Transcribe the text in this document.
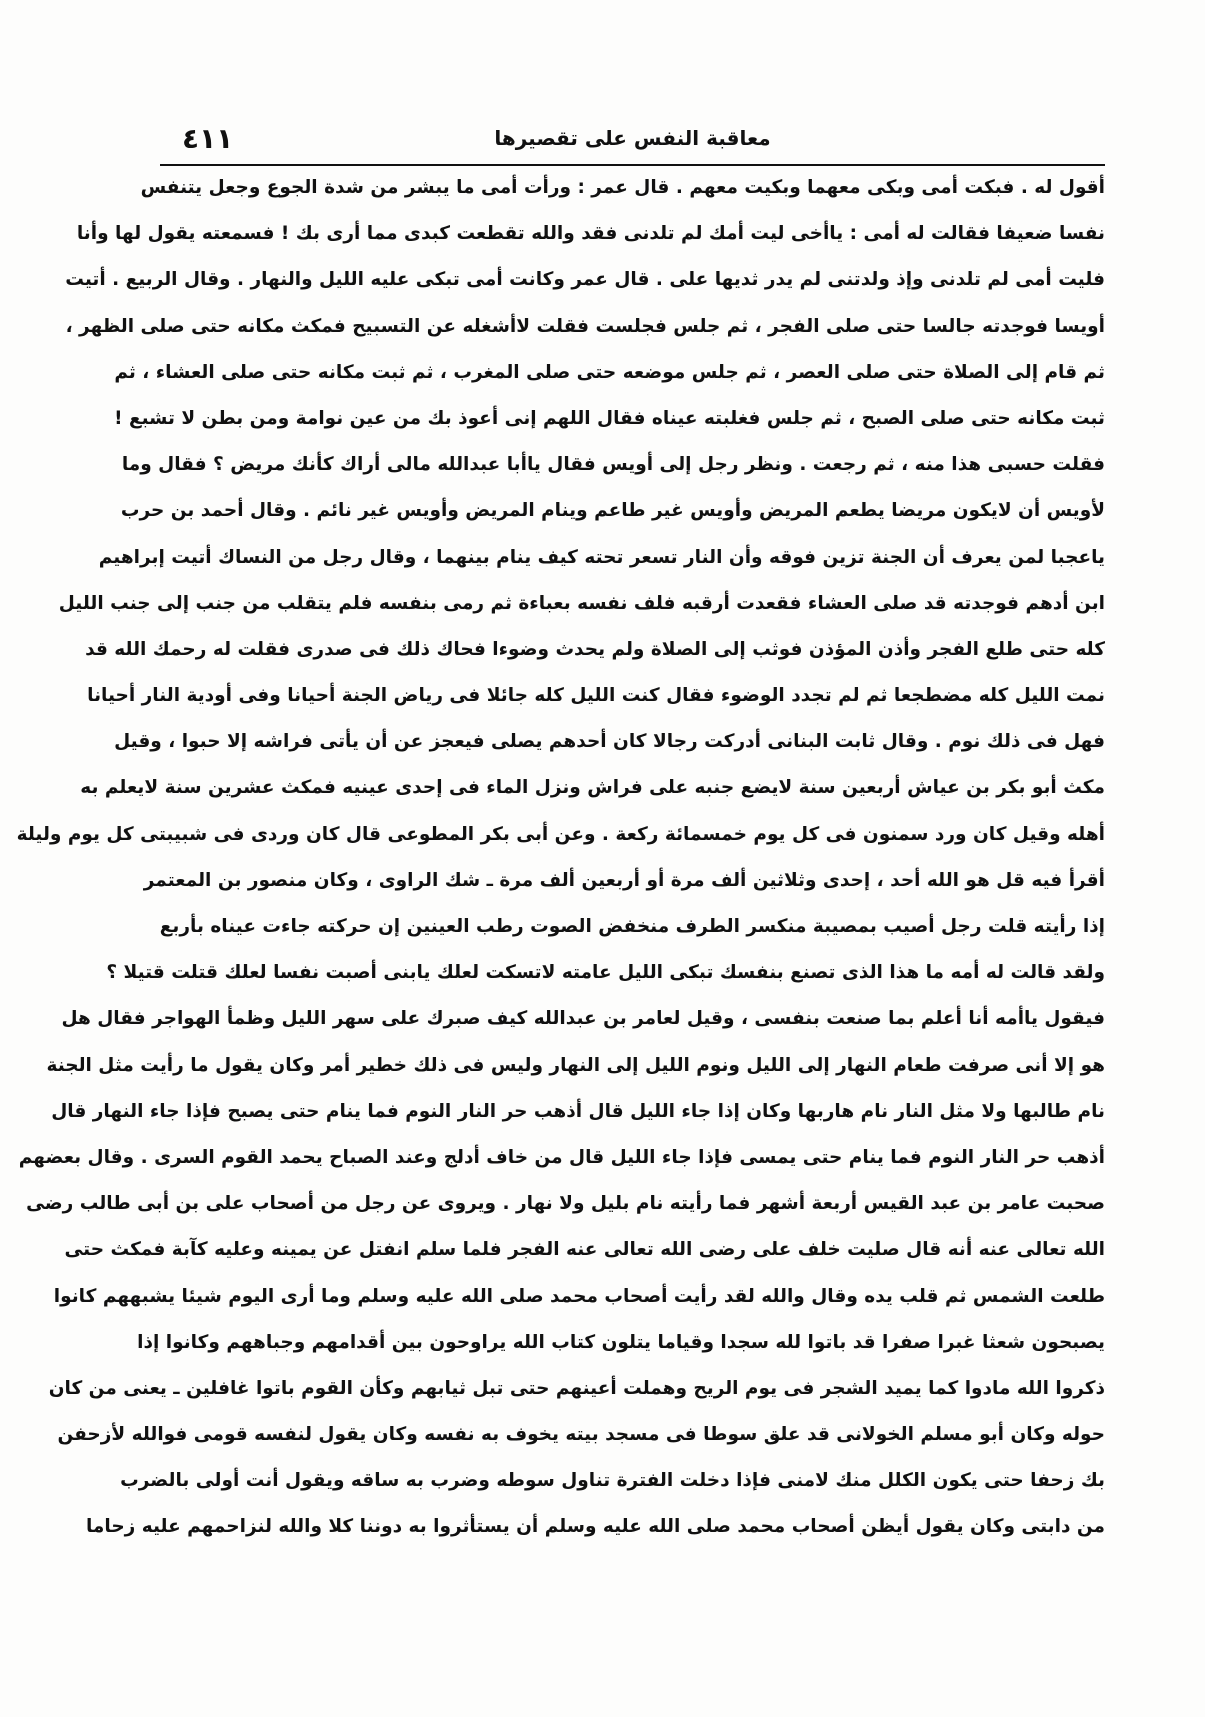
٤١١	معاقبة النفس على تقصيرها
أقول له . فبكت أمى وبكى معهما وبكيت معهم . قال عمر : ورأت أمى ما يبشر من شدة الجوع وجعل يتنفس
نفسا ضعيفا فقالت له أمى : ياأخى ليت أمك لم تلدنى فقد والله تقطعت كبدى مما أرى بك ! فسمعته يقول لها وأنا
فليت أمى لم تلدنى وإذ ولدتنى لم يدر ثديها على . قال عمر وكانت أمى تبكى عليه الليل والنهار . وقال الربيع . أتيت
أويسا فوجدته جالسا حتى صلى الفجر ، ثم جلس فجلست فقلت لاأشغله عن التسبيح فمكث مكانه حتى صلى الظهر ،
ثم قام إلى الصلاة حتى صلى العصر ، ثم جلس موضعه حتى صلى المغرب ، ثم ثبت مكانه حتى صلى العشاء ، ثم
ثبت مكانه حتى صلى الصبح ، ثم جلس فغلبته عيناه فقال اللهم إنى أعوذ بك من عين نوامة ومن بطن لا تشبع !
فقلت حسبى هذا منه ، ثم رجعت . ونظر رجل إلى أويس فقال ياأبا عبدالله مالى أراك كأنك مريض ؟ فقال وما
لأويس أن لايكون مريضا يطعم المريض وأويس غير طاعم وينام المريض وأويس غير نائم . وقال أحمد بن حرب
ياعجبا لمن يعرف أن الجنة تزين فوقه وأن النار تسعر تحته كيف ينام بينهما ، وقال رجل من النساك أتيت إبراهيم
ابن أدهم فوجدته قد صلى العشاء فقعدت أرقبه فلف نفسه بعباءة ثم رمى بنفسه فلم يتقلب من جنب إلى جنب الليل
كله حتى طلع الفجر وأذن المؤذن فوثب إلى الصلاة ولم يحدث وضوءا فحاك ذلك فى صدرى فقلت له رحمك الله قد
نمت الليل كله مضطجعا ثم لم تجدد الوضوء فقال كنت الليل كله جائلا فى رياض الجنة أحيانا وفى أودية النار أحيانا
فهل فى ذلك نوم . وقال ثابت البنانى أدركت رجالا كان أحدهم يصلى فيعجز عن أن يأتى فراشه إلا حبوا ، وقيل
مكث أبو بكر بن عياش أربعين سنة لايضع جنبه على فراش ونزل الماء فى إحدى عينيه فمكث عشرين سنة لايعلم به
أهله وقيل كان ورد سمنون فى كل يوم خمسمائة ركعة . وعن أبى بكر المطوعى قال كان وردى فى شبيبتى كل يوم وليلة
أقرأ فيه قل هو الله أحد ، إحدى وثلاثين ألف مرة أو أربعين ألف مرة ـ شك الراوى ، وكان منصور بن المعتمر
إذا رأيته قلت رجل أصيب بمصيبة منكسر الطرف منخفض الصوت رطب العينين إن حركته جاءت عيناه بأربع
ولقد قالت له أمه ما هذا الذى تصنع بنفسك تبكى الليل عامته لاتسكت لعلك يابنى أصبت نفسا لعلك قتلت قتيلا ؟
فيقول ياأمه أنا أعلم بما صنعت بنفسى ، وقيل لعامر بن عبدالله كيف صبرك على سهر الليل وظمأ الهواجر فقال هل
هو إلا أنى صرفت طعام النهار إلى الليل ونوم الليل إلى النهار وليس فى ذلك خطير أمر وكان يقول ما رأيت مثل الجنة
نام طالبها ولا مثل النار نام هاربها وكان إذا جاء الليل قال أذهب حر النار النوم فما ينام حتى يصبح فإذا جاء النهار قال
أذهب حر النار النوم فما ينام حتى يمسى فإذا جاء الليل قال من خاف أدلج وعند الصباح يحمد القوم السرى . وقال بعضهم
صحبت عامر بن عبد القيس أربعة أشهر فما رأيته نام بليل ولا نهار . ويروى عن رجل من أصحاب على بن أبى طالب رضى
الله تعالى عنه أنه قال صليت خلف على رضى الله تعالى عنه الفجر فلما سلم انفتل عن يمينه وعليه كآبة فمكث حتى
طلعت الشمس ثم قلب يده وقال والله لقد رأيت أصحاب محمد صلى الله عليه وسلم وما أرى اليوم شيئا يشبههم كانوا
يصبحون شعثا غبرا صفرا قد باتوا لله سجدا وقياما يتلون كتاب الله يراوحون بين أقدامهم وجباههم وكانوا إذا
ذكروا الله مادوا كما يميد الشجر فى يوم الريح وهملت أعينهم حتى تبل ثيابهم وكأن القوم باتوا غافلين ـ يعنى من كان
حوله وكان أبو مسلم الخولانى قد علق سوطا فى مسجد بيته يخوف به نفسه وكان يقول لنفسه قومى فوالله لأزحفن
بك زحفا حتى يكون الكلل منك لامنى فإذا دخلت الفترة تناول سوطه وضرب به ساقه ويقول أنت أولى بالضرب
من دابتى وكان يقول أيظن أصحاب محمد صلى الله عليه وسلم أن يستأثروا به دوننا كلا والله لنزاحمهم عليه زحاما
